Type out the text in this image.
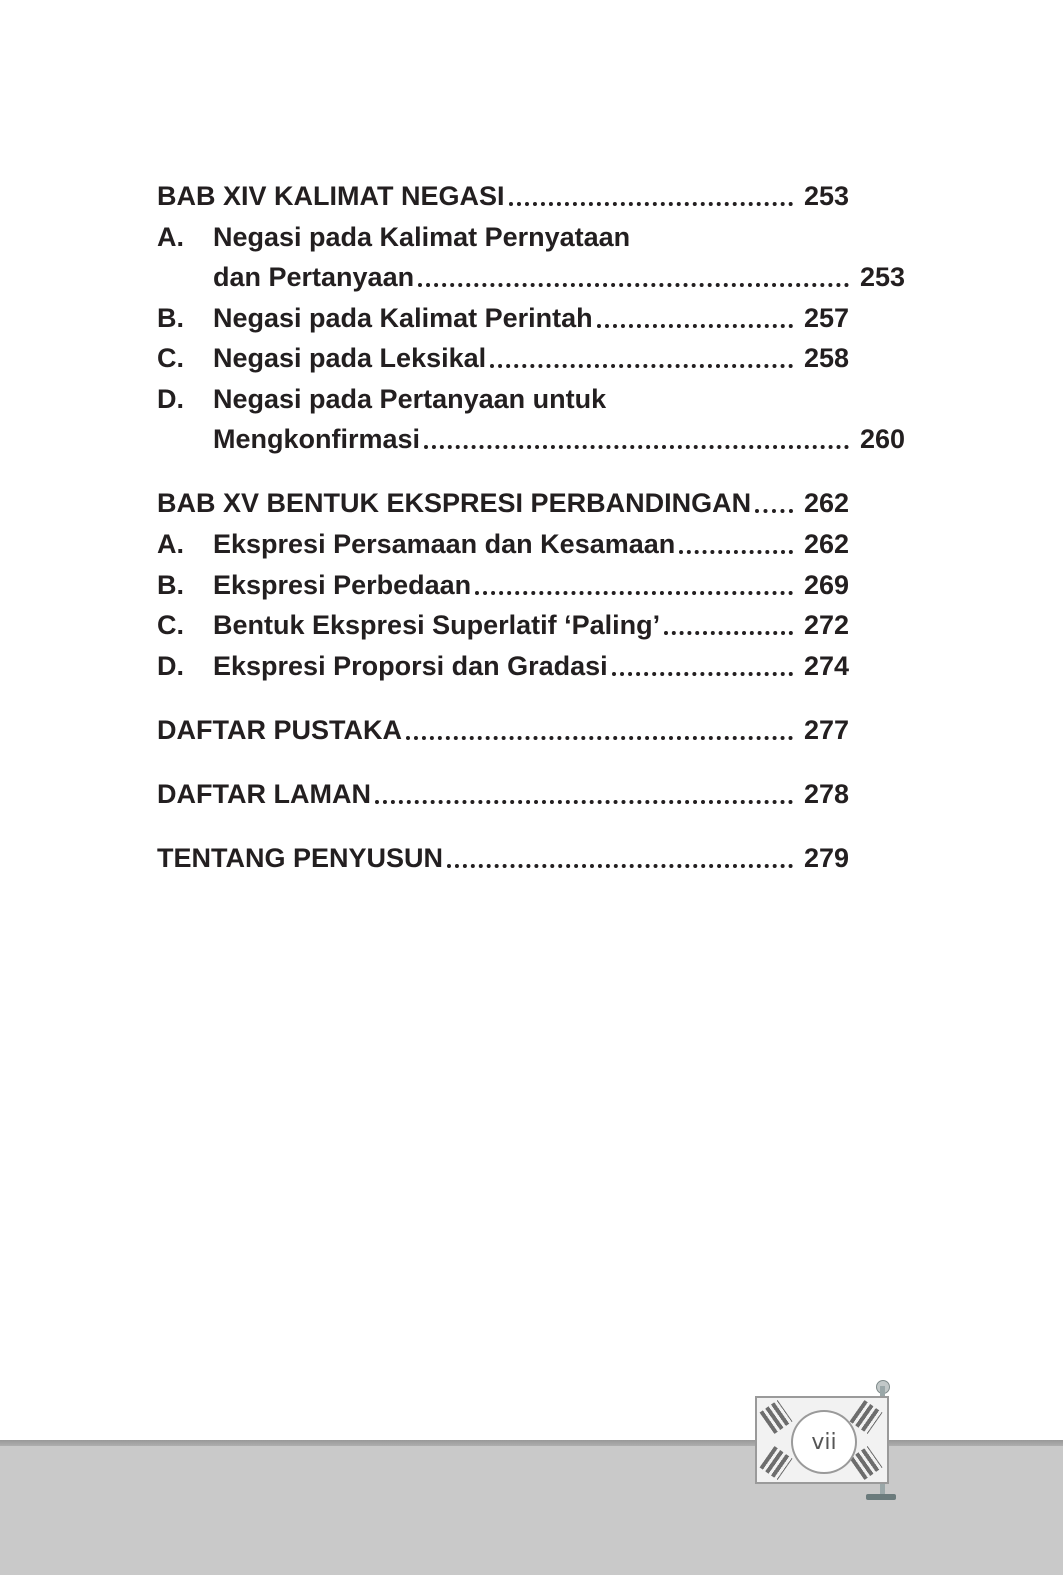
BAB XIV KALIMAT NEGASI	253
A.	Negasi pada Kalimat Pernyataan
dan Pertanyaan	253
B.	Negasi pada Kalimat Perintah	257
C.	Negasi pada Leksikal	258
D.	Negasi pada Pertanyaan untuk
Mengkonfirmasi	260
BAB XV BENTUK EKSPRESI PERBANDINGAN 262
A.	Ekspresi Persamaan dan Kesamaan	262
B.	Ekspresi Perbedaan	269
C.	Bentuk Ekspresi Superlatif ‘Paling’	272
D.	Ekspresi Proporsi dan Gradasi	274
DAFTAR PUSTAKA	277
DAFTAR LAMAN	278
TENTANG PENYUSUN	279
vii
